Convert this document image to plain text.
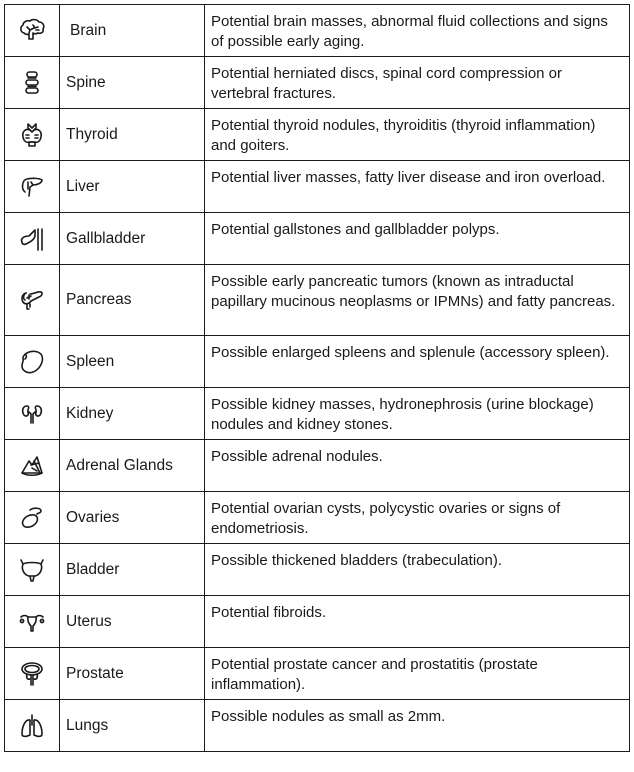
	Brain	Potential brain masses, abnormal fluid collections and signs of possible early aging.

	Spine	Potential herniated discs, spinal cord compression or vertebral fractures.

	Thyroid	Potential thyroid nodules, thyroiditis (thyroid inflammation) and goiters.

	Liver	Potential liver masses, fatty liver disease and iron overload.

	Gallbladder	Potential gallstones and gallbladder polyps.

	Pancreas	Possible early pancreatic tumors (known as intraductal papillary mucinous neoplasms or IPMNs) and fatty pancreas.

	Spleen	Possible enlarged spleens and splenule (accessory spleen).

	Kidney	Possible kidney masses, hydronephrosis (urine blockage) nodules and kidney stones.

	Adrenal Glands	Possible adrenal nodules.

	Ovaries	Potential ovarian cysts, polycystic ovaries or signs of endometriosis.

	Bladder	Possible thickened bladders (trabeculation).

	Uterus	Potential fibroids.

	Prostate	Potential prostate cancer and prostatitis (prostate inflammation).

	Lungs	Possible nodules as small as 2mm.
